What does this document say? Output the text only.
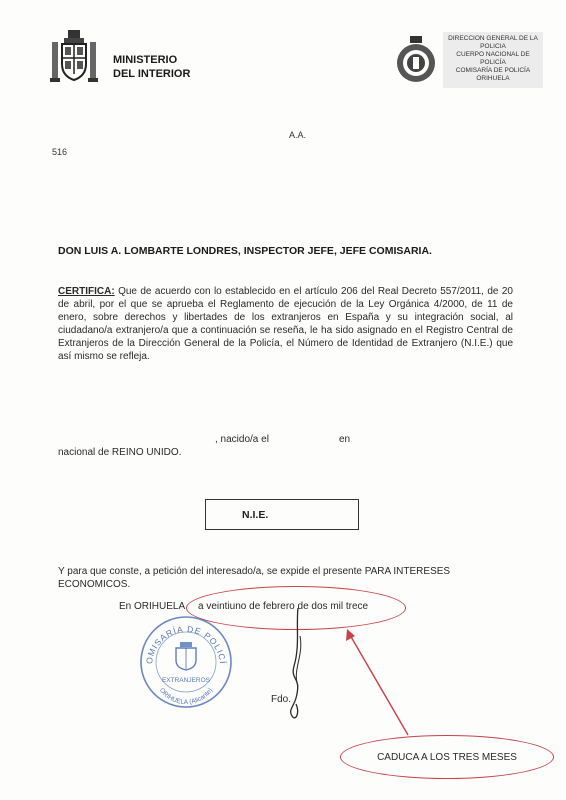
MINISTERIO
DEL INTERIOR
DIRECCION GENERAL DE LA
POLICIA
CUERPO NACIONAL DE
POLICÍA
COMISARÍA DE POLICÍA
ORIHUELA
A.A.
516
DON LUIS A. LOMBARTE LONDRES, INSPECTOR JEFE, JEFE COMISARIA.
CERTIFICA: Que de acuerdo con lo establecido en el artículo 206 del Real Decreto 557/2011, de 20 de abril, por el que se aprueba el Reglamento de ejecución de la Ley Orgánica 4/2000, de 11 de enero, sobre derechos y libertades de los extranjeros en España y su integración social, al ciudadano/a extranjero/a que a continuación se reseña, le ha sido asignado en el Registro Central de Extranjeros de la Dirección General de la Policía, el Número de Identidad de Extranjero (N.I.E.) que así mismo se refleja.
, nacido/a el	en
nacional de REINO UNIDO.
N.I.E.
Y para que conste, a petición del interesado/a, se expide el presente PARA INTERESES ECONOMICOS.
En ORIHUELA a veintiuno de febrero de dos mil trece
OMISARÍA DE POLICÍ
ORIHUELA (Alicante)
EXTRANJEROS
Fdo.
CADUCA A LOS TRES MESES
